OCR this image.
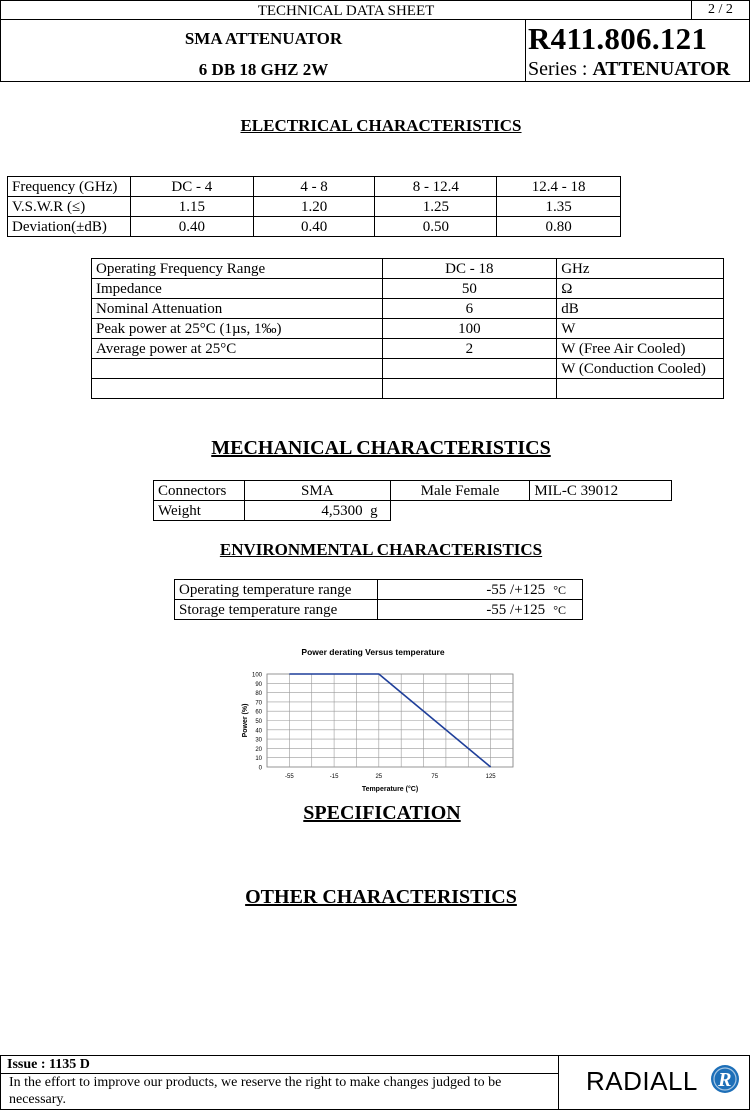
TECHNICAL DATA SHEET	2 / 2
SMA ATTENUATOR
6 DB 18 GHZ 2W
R411.806.121
Series : ATTENUATOR
ELECTRICAL CHARACTERISTICS
Frequency (GHz)	DC - 4	4 - 8	8 - 12.4	12.4 - 18
V.S.W.R (≤)	1.15	1.20	1.25	1.35
Deviation(±dB)	0.40	0.40	0.50	0.80
Operating Frequency Range	DC - 18	GHz
Impedance	50	Ω
Nominal Attenuation	6	dB
Peak power at 25°C (1µs, 1‰)	100	W
Average power at 25°C	2	W (Free Air Cooled)
		W (Conduction Cooled)

MECHANICAL CHARACTERISTICS
Connectors	SMA	Male Female	MIL-C 39012
Weight	4,5300 g		
ENVIRONMENTAL CHARACTERISTICS
Operating temperature range	-55 /+125 $^{^\circ C}$
Storage temperature range	-55 /+125 $^{^\circ C}$
Power derating Versus temperature
0
10
20
30
40
50
60
70
80
90
100
-55	-15	25	75	125
Temperature (°C)
Power (%)
SPECIFICATION
OTHER CHARACTERISTICS
Issue : 1135 D
In the effort to improve our products, we reserve the right to make changes judged to be necessary.
RADIALL R
